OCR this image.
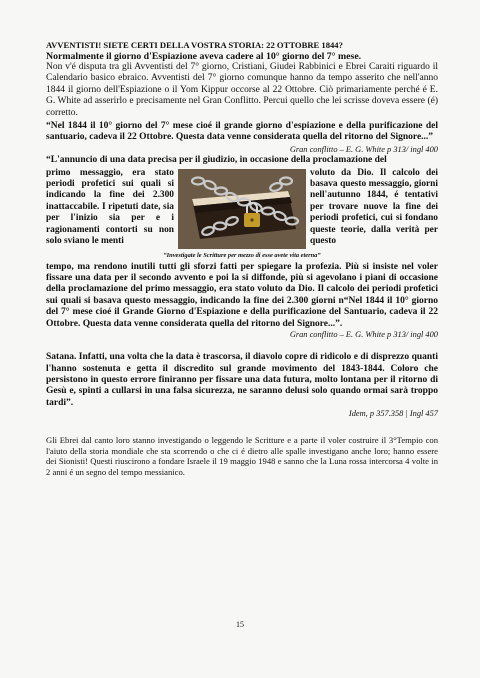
AVVENTISTI! SIETE CERTI DELLA VOSTRA STORIA: 22 OTTOBRE 1844?

Normalmente il giorno d'Espiazione aveva cadere al 10° giorno del 7° mese.

Non v'é disputa tra gli Avventisti del 7° giorno, Cristiani, Giudei Rabbinici e Ebrei Caraiti riguardo il Calendario basico ebraico. Avventisti del 7° giorno comunque hanno da tempo asserito che nell'anno 1844 il giorno dell'Espiazione o il Yom Kippur occorse al 22 Ottobre. Ciò primariamente perché é E. G. White ad asserirlo e precisamente nel Gran Conflitto. Percui quello che lei scrisse doveva essere (é) corretto.

“Nel 1844 il 10° giorno del 7° mese cioé il grande giorno d'espiazione e della purificazione del santuario, cadeva il 22 Ottobre. Questa data venne considerata quella del ritorno del Signore...”
Gran conflitto – E. G. White p 313/ ingl 400

“L'annuncio di una data precisa per il giudizio, in occasione della proclamazione del

primo messaggio, era stato periodi profetici sui quali si indicando la fine dei 2.300 inattaccabile. I ripetuti date, sia per l'inizio sia per e i ragionamenti contorti su non solo sviano le menti

voluto da Dio. Il calcolo dei basava questo messaggio, giorni nell'autunno 1844, é tentativi per trovare nuove la fine dei periodi profetici, cui si fondano queste teorie, dalla verità per questo

“Investigate le Scritture per mezzo di esse avete vita eterna”

tempo, ma rendono inutili tutti gli sforzi fatti per spiegare la profezia. Più si insiste nel voler fissare una data per il secondo avvento e poi la si diffonde, più si agevolano i piani di occasione della proclamazione del primo messaggio, era stato voluto da Dio. Il calcolo dei periodi profetici sui quali si basava questo messaggio, indicando la fine dei 2.300 giorni n“Nel 1844 il 10° giorno del 7° mese cioé il Grande Giorno d'Espiazione e della purificazione del Santuario, cadeva il 22 Ottobre. Questa data venne considerata quella del ritorno del Signore...”.

Gran conflitto – E. G. White p 313/ ingl 400

Satana. Infatti, una volta che la data è trascorsa, il diavolo copre di ridicolo e di disprezzo quanti l'hanno sostenuta e getta il discredito sul grande movimento del 1843-1844. Coloro che persistono in questo errore finiranno per fissare una data futura, molto lontana per il ritorno di Gesù e, spinti a cullarsi in una falsa sicurezza, ne saranno delusi solo quando ormai sarà troppo tardi”.

Idem, p 357.358 | Ingl 457

Gli Ebrei dal canto loro stanno investigando o leggendo le Scritture e a parte il voler costruire il 3°Tempio con l'aiuto della storia mondiale che sta scorrendo o che ci é dietro alle spalle investigano anche loro; hanno essere dei Sionisti! Questi riuscirono a fondare Israele il 19 maggio 1948 e sanno che la Luna rossa intercorsa 4 volte in 2 anni é un segno del tempo messianico.

15
